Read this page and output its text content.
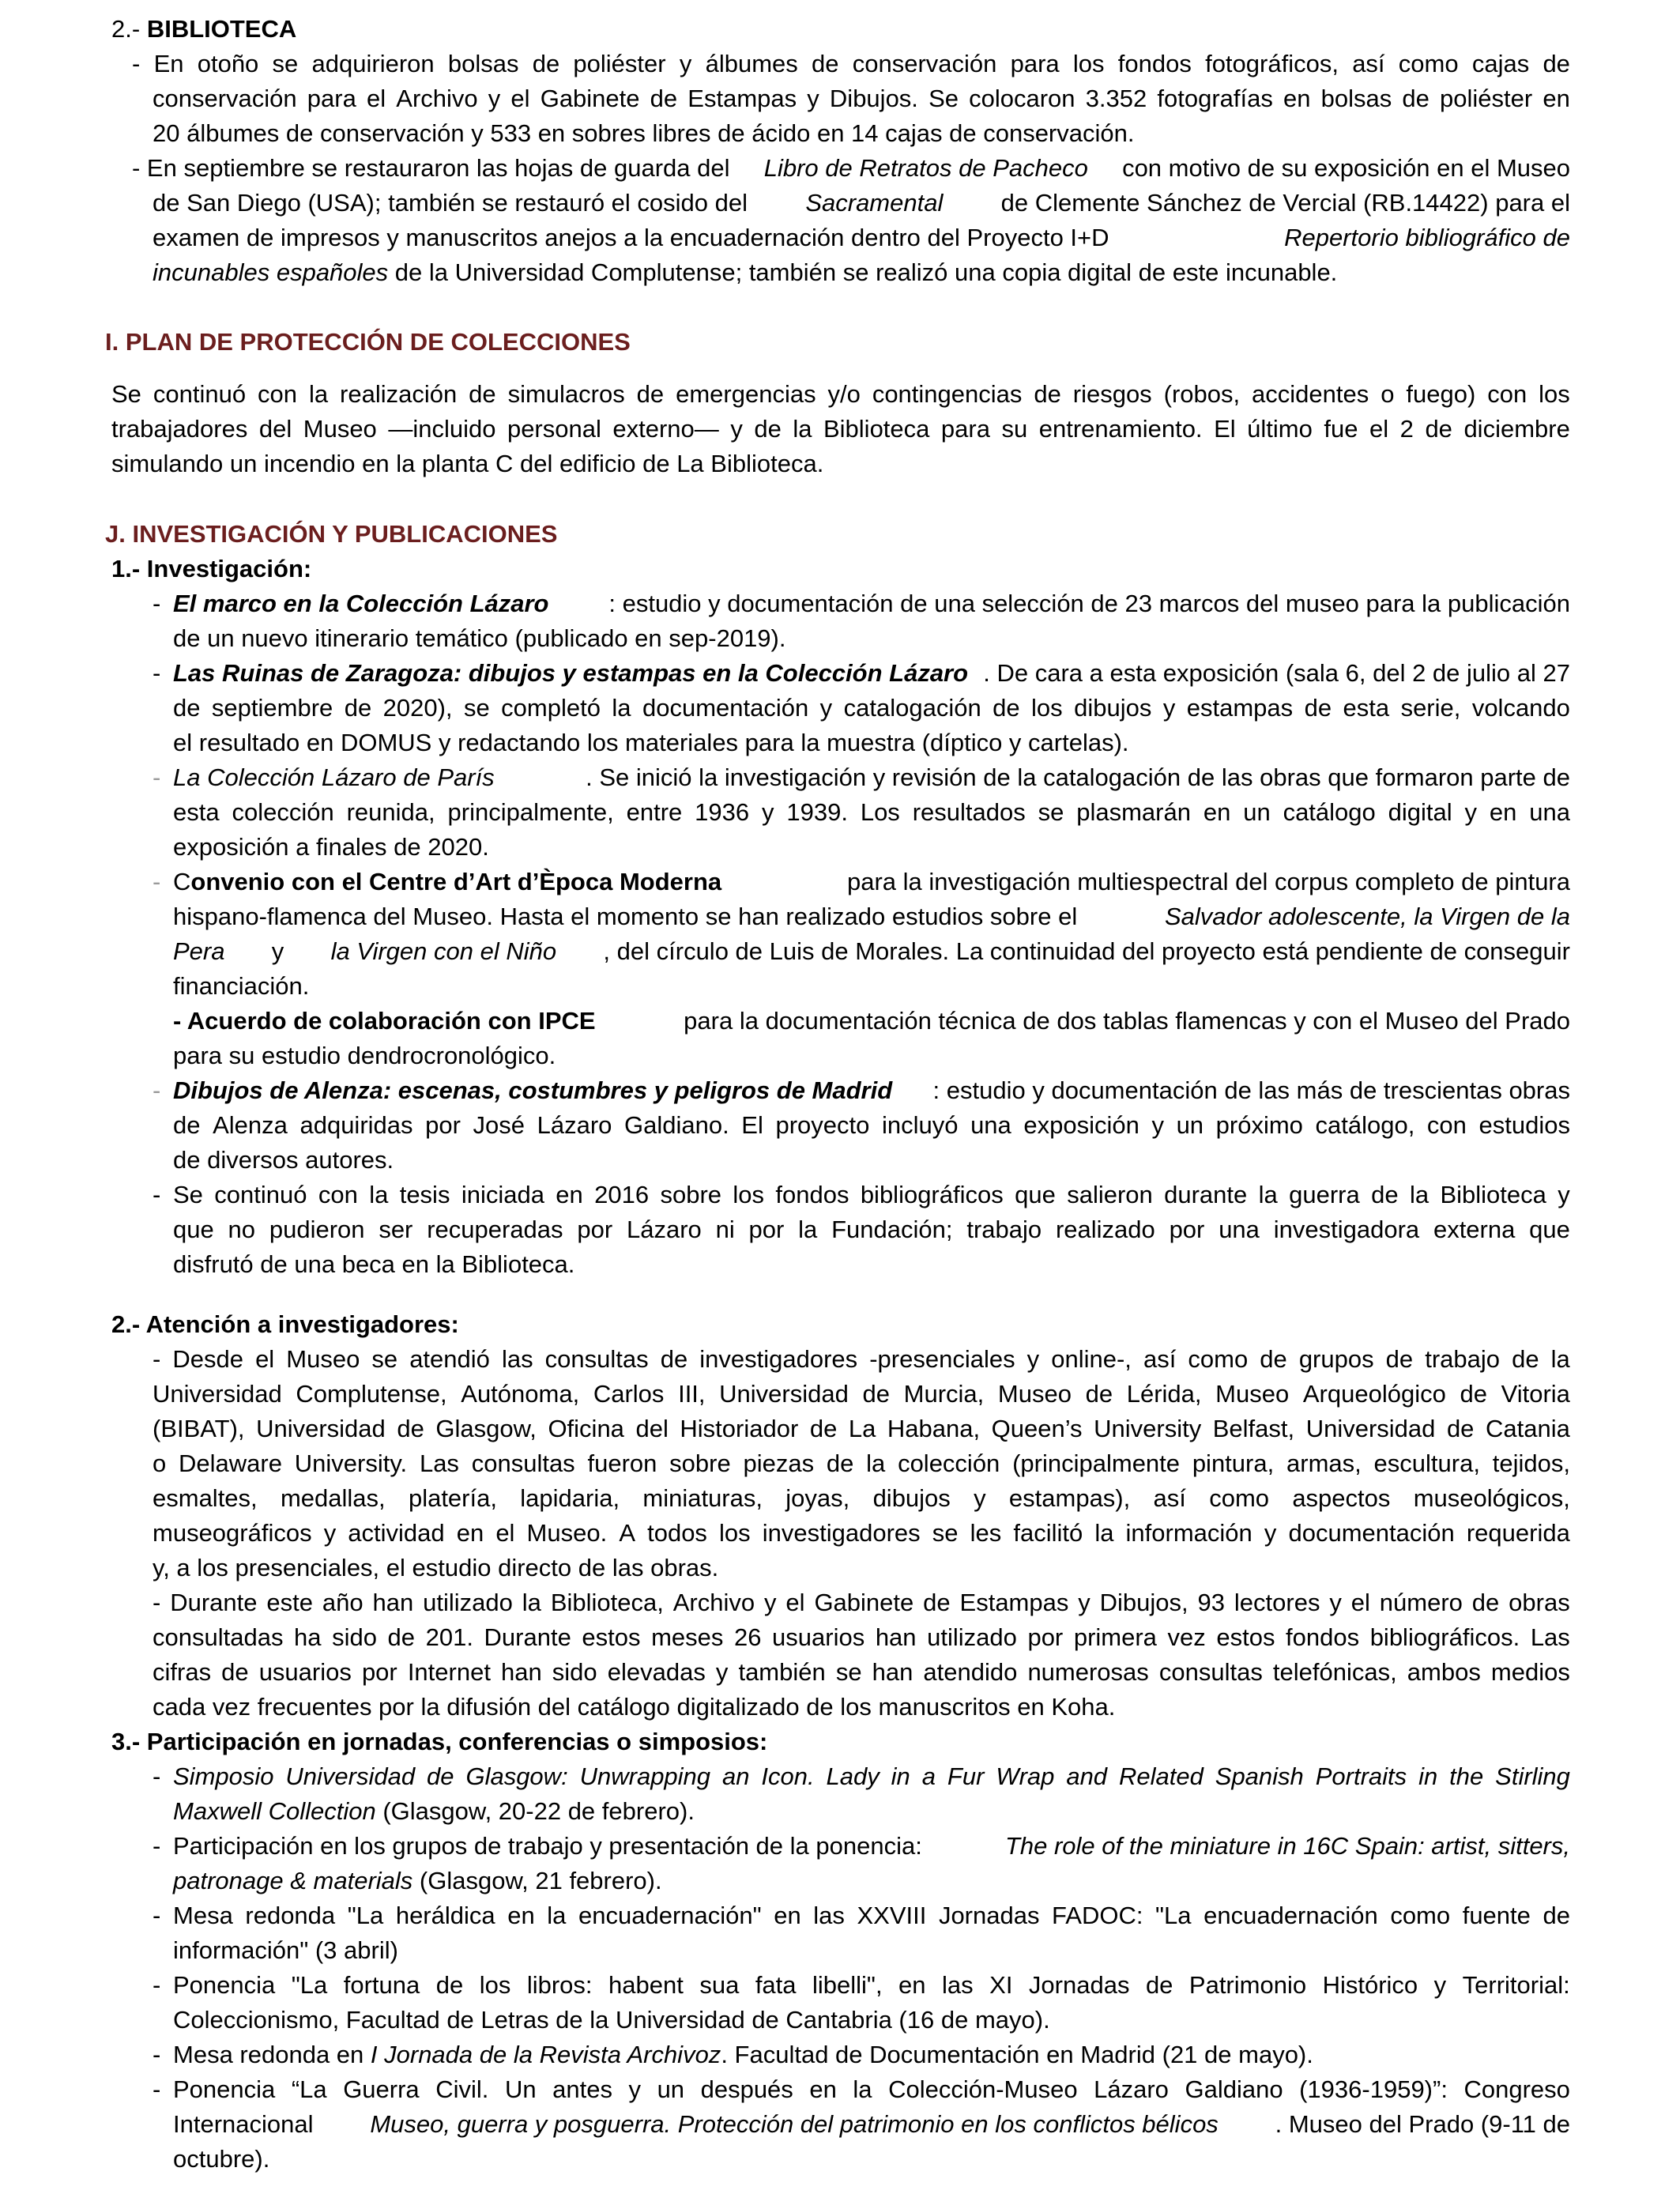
2.- BIBLIOTECA
- En otoño se adquirieron bolsas de poliéster y álbumes de conservación para los fondos fotográficos, así como cajas de
conservación para el Archivo y el Gabinete de Estampas y Dibujos. Se colocaron 3.352 fotografías en bolsas de poliéster en
20 álbumes de conservación y 533 en sobres libres de ácido en 14 cajas de conservación.
- En septiembre se restauraron las hojas de guarda del Libro de Retratos de Pacheco con motivo de su exposición en el Museo
de San Diego (USA); también se restauró el cosido del Sacramental de Clemente Sánchez de Vercial (RB.14422) para el
examen de impresos y manuscritos anejos a la encuadernación dentro del Proyecto I+D	Repertorio bibliográfico de
incunables españoles de la Universidad Complutense; también se realizó una copia digital de este incunable.
I. PLAN DE PROTECCIÓN DE COLECCIONES
Se continuó con la realización de simulacros de emergencias y/o contingencias de riesgos (robos, accidentes o fuego) con los
trabajadores del Museo —incluido personal externo— y de la Biblioteca para su entrenamiento. El último fue el 2 de diciembre
simulando un incendio en la planta C del edificio de La Biblioteca.
J. INVESTIGACIÓN Y PUBLICACIONES
1.- Investigación:
- El marco en la Colección Lázaro : estudio y documentación de una selección de 23 marcos del museo para la publicación
de un nuevo itinerario temático (publicado en sep-2019).
- Las Ruinas de Zaragoza: dibujos y estampas en la Colección Lázaro . De cara a esta exposición (sala 6, del 2 de julio al 27
de septiembre de 2020), se completó la documentación y catalogación de los dibujos y estampas de esta serie, volcando
el resultado en DOMUS y redactando los materiales para la muestra (díptico y cartelas).
- La Colección Lázaro de París	. Se inició la investigación y revisión de la catalogación de las obras que formaron parte de
esta colección reunida, principalmente, entre 1936 y 1939. Los resultados se plasmarán en un catálogo digital y en una
exposición a finales de 2020.
- Convenio con el Centre d’Art d’Època Moderna	para la investigación multiespectral del corpus completo de pintura
hispano-flamenca del Museo. Hasta el momento se han realizado estudios sobre el	Salvador adolescente, la Virgen de la
Pera y la Virgen con el Niño , del círculo de Luis de Morales. La continuidad del proyecto está pendiente de conseguir
financiación.
- Acuerdo de colaboración con IPCE	para la documentación técnica de dos tablas flamencas y con el Museo del Prado
para su estudio dendrocronológico.
- Dibujos de Alenza: escenas, costumbres y peligros de Madrid : estudio y documentación de las más de trescientas obras
de Alenza adquiridas por José Lázaro Galdiano. El proyecto incluyó una exposición y un próximo catálogo, con estudios
de diversos autores.
- Se continuó con la tesis iniciada en 2016 sobre los fondos bibliográficos que salieron durante la guerra de la Biblioteca y
que no pudieron ser recuperadas por Lázaro ni por la Fundación; trabajo realizado por una investigadora externa que
disfrutó de una beca en la Biblioteca.
2.- Atención a investigadores:
- Desde el Museo se atendió las consultas de investigadores -presenciales y online-, así como de grupos de trabajo de la
Universidad Complutense, Autónoma, Carlos III, Universidad de Murcia, Museo de Lérida, Museo Arqueológico de Vitoria
(BIBAT), Universidad de Glasgow, Oficina del Historiador de La Habana, Queen’s University Belfast, Universidad de Catania
o Delaware University. Las consultas fueron sobre piezas de la colección (principalmente pintura, armas, escultura, tejidos,
esmaltes, medallas, platería, lapidaria, miniaturas, joyas, dibujos y estampas), así como aspectos museológicos,
museográficos y actividad en el Museo. A todos los investigadores se les facilitó la información y documentación requerida
y, a los presenciales, el estudio directo de las obras.
- Durante este año han utilizado la Biblioteca, Archivo y el Gabinete de Estampas y Dibujos, 93 lectores y el número de obras
consultadas ha sido de 201. Durante estos meses 26 usuarios han utilizado por primera vez estos fondos bibliográficos. Las
cifras de usuarios por Internet han sido elevadas y también se han atendido numerosas consultas telefónicas, ambos medios
cada vez frecuentes por la difusión del catálogo digitalizado de los manuscritos en Koha.
3.- Participación en jornadas, conferencias o simposios:
- Simposio Universidad de Glasgow: Unwrapping an Icon. Lady in a Fur Wrap and Related Spanish Portraits in the Stirling
Maxwell Collection (Glasgow, 20-22 de febrero).
- Participación en los grupos de trabajo y presentación de la ponencia:	The role of the miniature in 16C Spain: artist, sitters,
patronage & materials (Glasgow, 21 febrero).
- Mesa redonda "La heráldica en la encuadernación" en las XXVIII Jornadas FADOC: "La encuadernación como fuente de
información" (3 abril)
- Ponencia "La fortuna de los libros: habent sua fata libelli", en las XI Jornadas de Patrimonio Histórico y Territorial:
Coleccionismo, Facultad de Letras de la Universidad de Cantabria (16 de mayo).
- Mesa redonda en I Jornada de la Revista Archivoz. Facultad de Documentación en Madrid (21 de mayo).
- Ponencia “La Guerra Civil. Un antes y un después en la Colección-Museo Lázaro Galdiano (1936-1959)”: Congreso
Internacional Museo, guerra y posguerra. Protección del patrimonio en los conflictos bélicos . Museo del Prado (9-11 de
octubre).
